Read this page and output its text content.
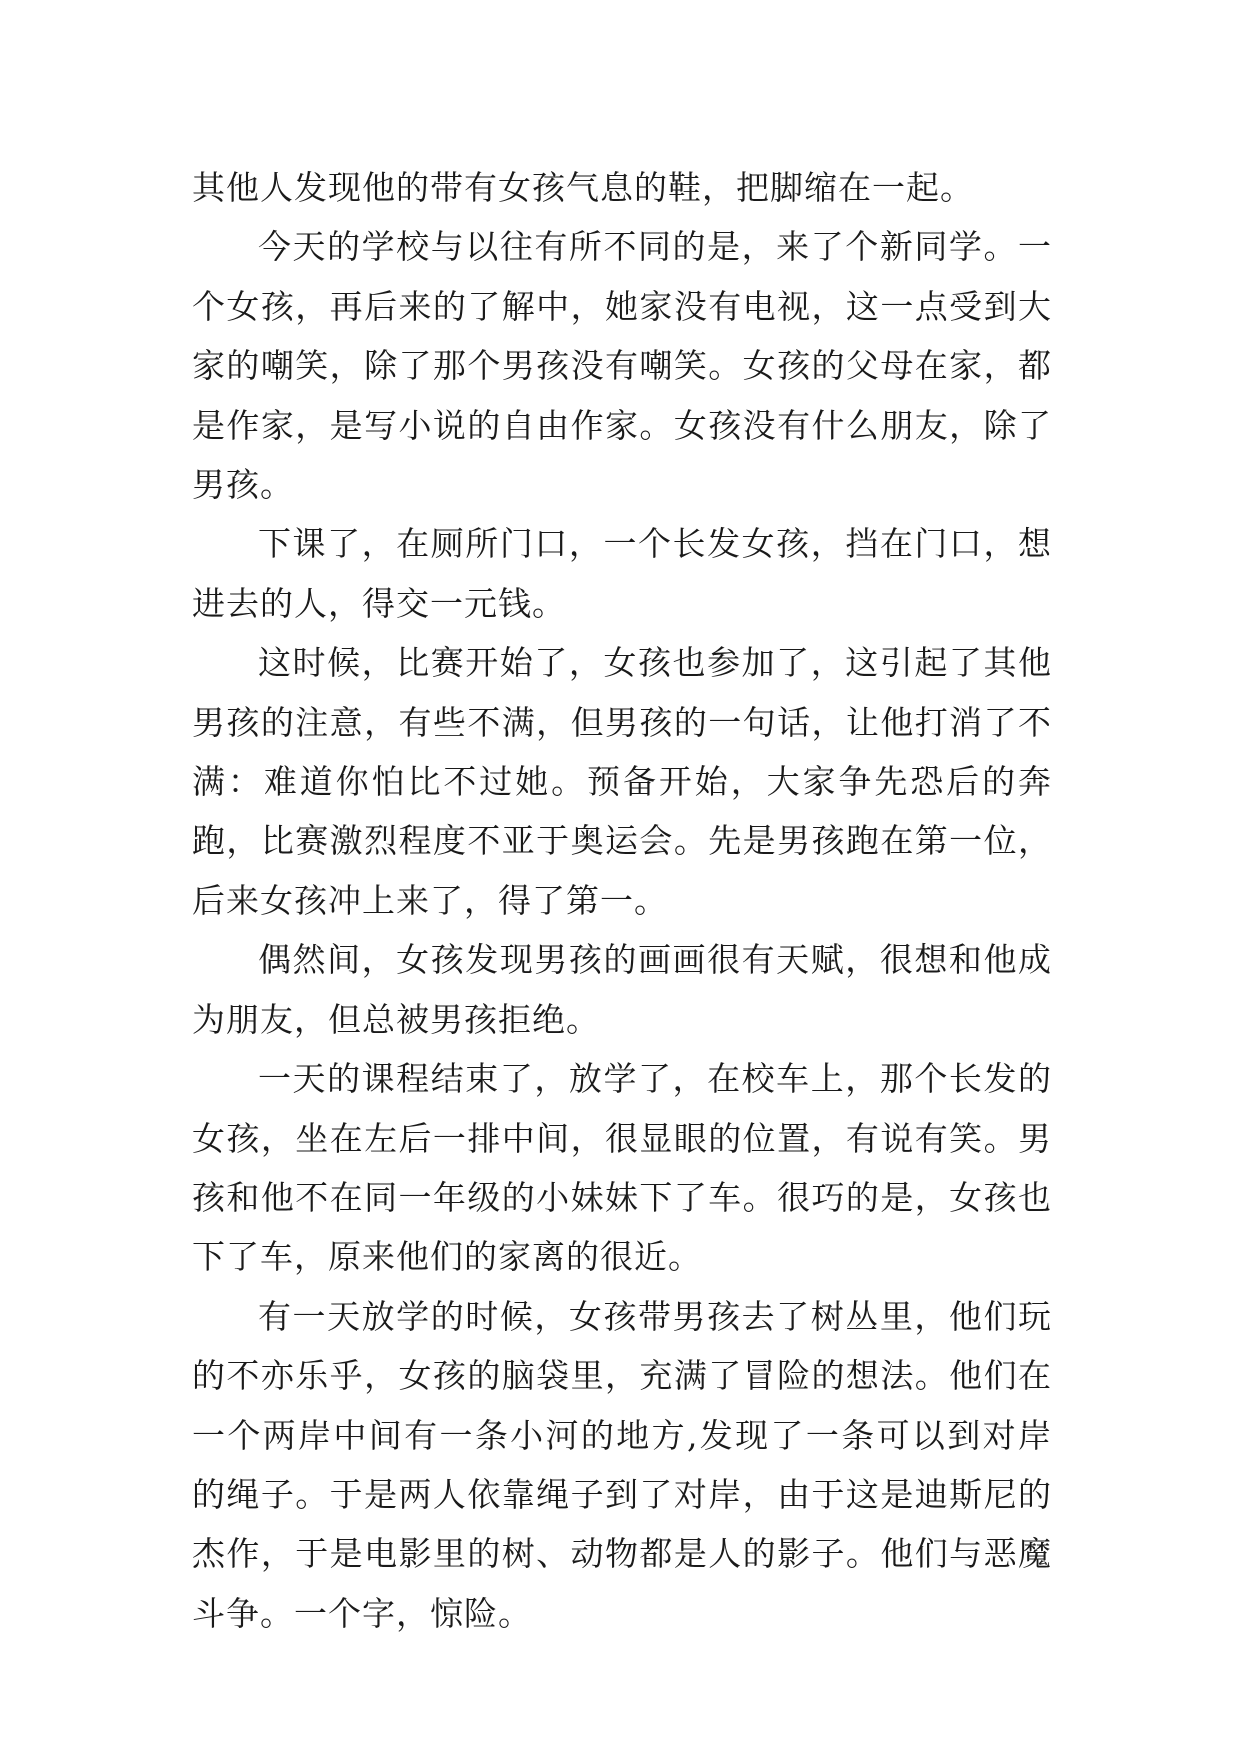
其他人发现他的带有女孩气息的鞋，把脚缩在一起。

今天的学校与以往有所不同的是，来了个新同学。一个女孩，再后来的了解中，她家没有电视，这一点受到大家的嘲笑，除了那个男孩没有嘲笑。女孩的父母在家，都是作家，是写小说的自由作家。女孩没有什么朋友，除了男孩。

下课了，在厕所门口，一个长发女孩，挡在门口，想进去的人，得交一元钱。

这时候，比赛开始了，女孩也参加了，这引起了其他男孩的注意，有些不满，但男孩的一句话，让他打消了不满：难道你怕比不过她。预备开始，大家争先恐后的奔跑，比赛激烈程度不亚于奥运会。先是男孩跑在第一位，后来女孩冲上来了，得了第一。

偶然间，女孩发现男孩的画画很有天赋，很想和他成为朋友，但总被男孩拒绝。

一天的课程结束了，放学了，在校车上，那个长发的女孩，坐在左后一排中间，很显眼的位置，有说有笑。男孩和他不在同一年级的小妹妹下了车。很巧的是，女孩也下了车，原来他们的家离的很近。

有一天放学的时候，女孩带男孩去了树丛里，他们玩的不亦乐乎，女孩的脑袋里，充满了冒险的想法。他们在一个两岸中间有一条小河的地方,发现了一条可以到对岸的绳子。于是两人依靠绳子到了对岸，由于这是迪斯尼的杰作，于是电影里的树、动物都是人的影子。他们与恶魔斗争。一个字，惊险。
